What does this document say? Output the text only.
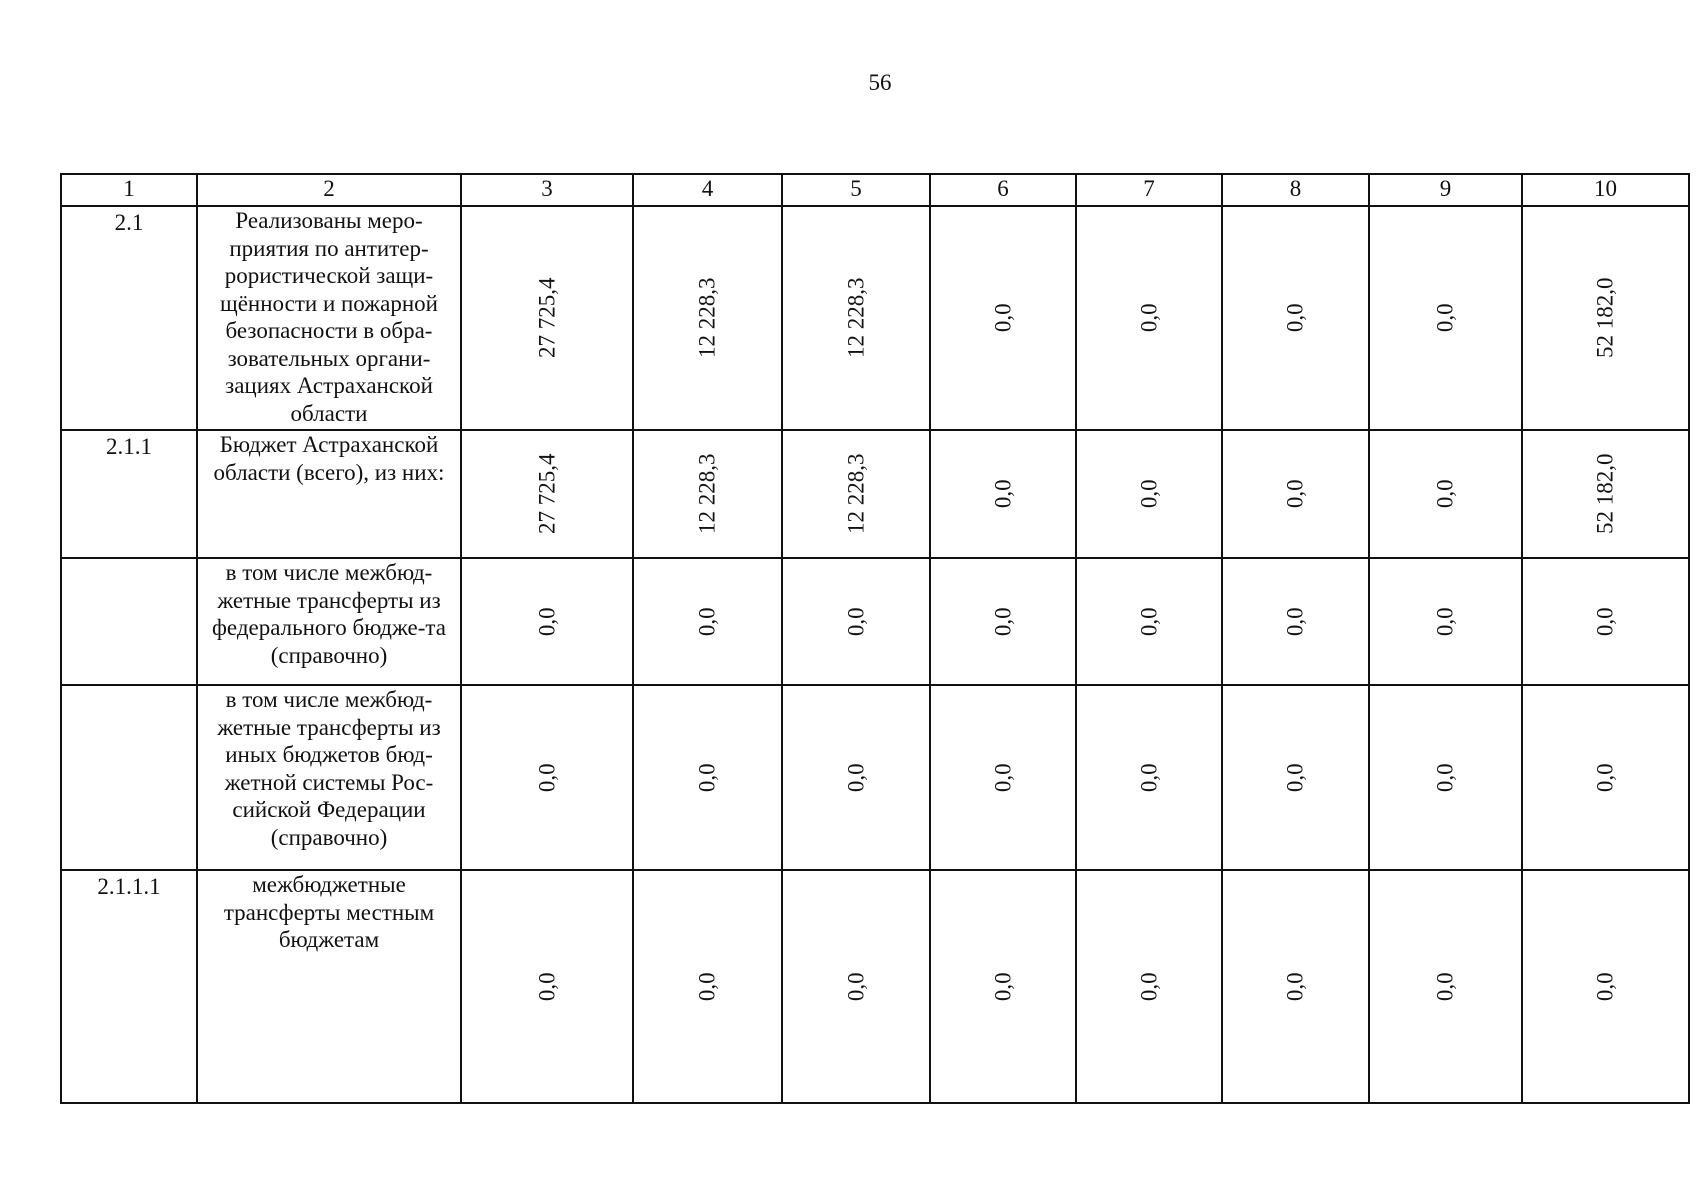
56
1	2	3	4	5	6	7	8	9	10

2.1	Реализованы меро-приятия по антитер-рористической защи-щённости и пожарной безопасности в обра-зовательных органи-зациях Астраханской области	27 725,4	12 228,3	12 228,3	0,0	0,0	0,0	0,0	52 182,0

2.1.1	Бюджет Астраханской области (всего), из них:	27 725,4	12 228,3	12 228,3	0,0	0,0	0,0	0,0	52 182,0

	в том числе межбюд-жетные трансферты из федерального бюдже-та (справочно)	0,0	0,0	0,0	0,0	0,0	0,0	0,0	0,0

	в том числе межбюд-жетные трансферты из иных бюджетов бюд-жетной системы Рос-сийской Федерации (справочно)	0,0	0,0	0,0	0,0	0,0	0,0	0,0	0,0

2.1.1.1	межбюджетные трансферты местным бюджетам	0,0	0,0	0,0	0,0	0,0	0,0	0,0	0,0
